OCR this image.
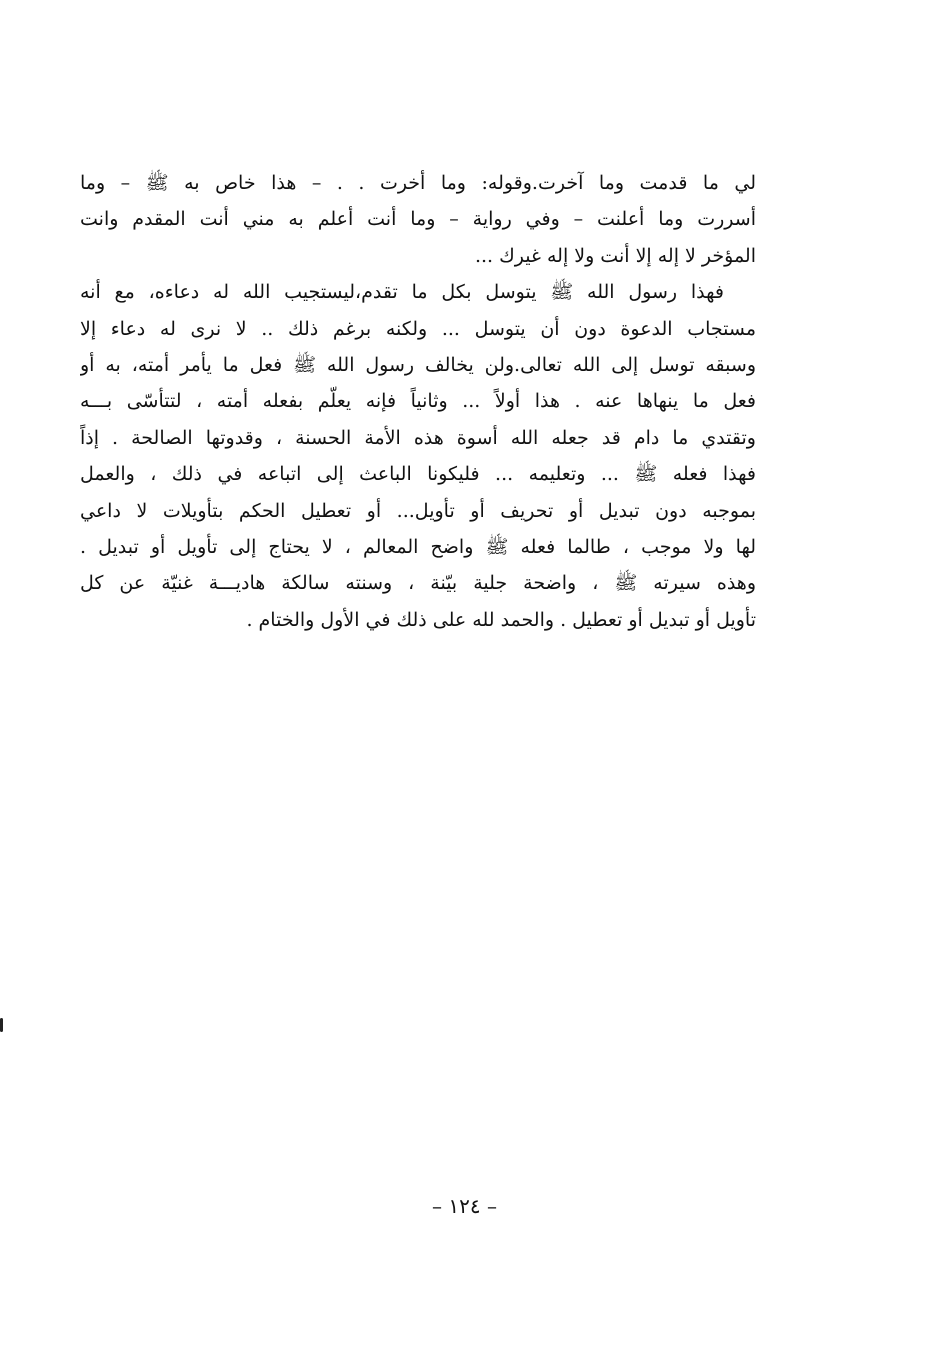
لي ما قدمت وما آخرت.وقوله: وما أخرت . . – هذا خاص به ﷺ – وما
أسررت وما أعلنت – وفي رواية – وما أنت أعلم به مني أنت المقدم وانت
المؤخر لا إله إلا أنت ولا إله غيرك ...
فهذا رسول الله ﷺ يتوسل بكل ما تقدم،ليستجيب الله له دعاءه، مع أنه
مستجاب الدعوة دون أن يتوسل ... ولكنه برغم ذلك .. لا نرى له دعاء إلا
وسبقه توسل إلى الله تعالى.ولن يخالف رسول الله ﷺ فعل ما يأمر أمته، به أو
فعل ما ينهاها عنه . هذا أولاً ... وثانياً فإنه يعلّم بفعله أمته ، لتتأسّى بـــه
وتقتدي ما دام قد جعله الله أسوة هذه الأمة الحسنة ، وقدوتها الصالحة . إذاً
فهذا فعله ﷺ ... وتعليمه ... فليكونا الباعث إلى اتباعه في ذلك ، والعمل
بموجبه دون تبديل أو تحريف أو تأويل... أو تعطيل الحكم بتأويلات لا داعي
لها ولا موجب ، طالما فعله ﷺ واضح المعالم ، لا يحتاج إلى تأويل أو تبديل .
وهذه سيرته ﷺ ، واضحة جلية بيّنة ، وسنته سالكة هاديـــة غنيّة عن كل
تأويل أو تبديل أو تعطيل . والحمد لله على ذلك في الأول والختام .
– ١٢٤ –
